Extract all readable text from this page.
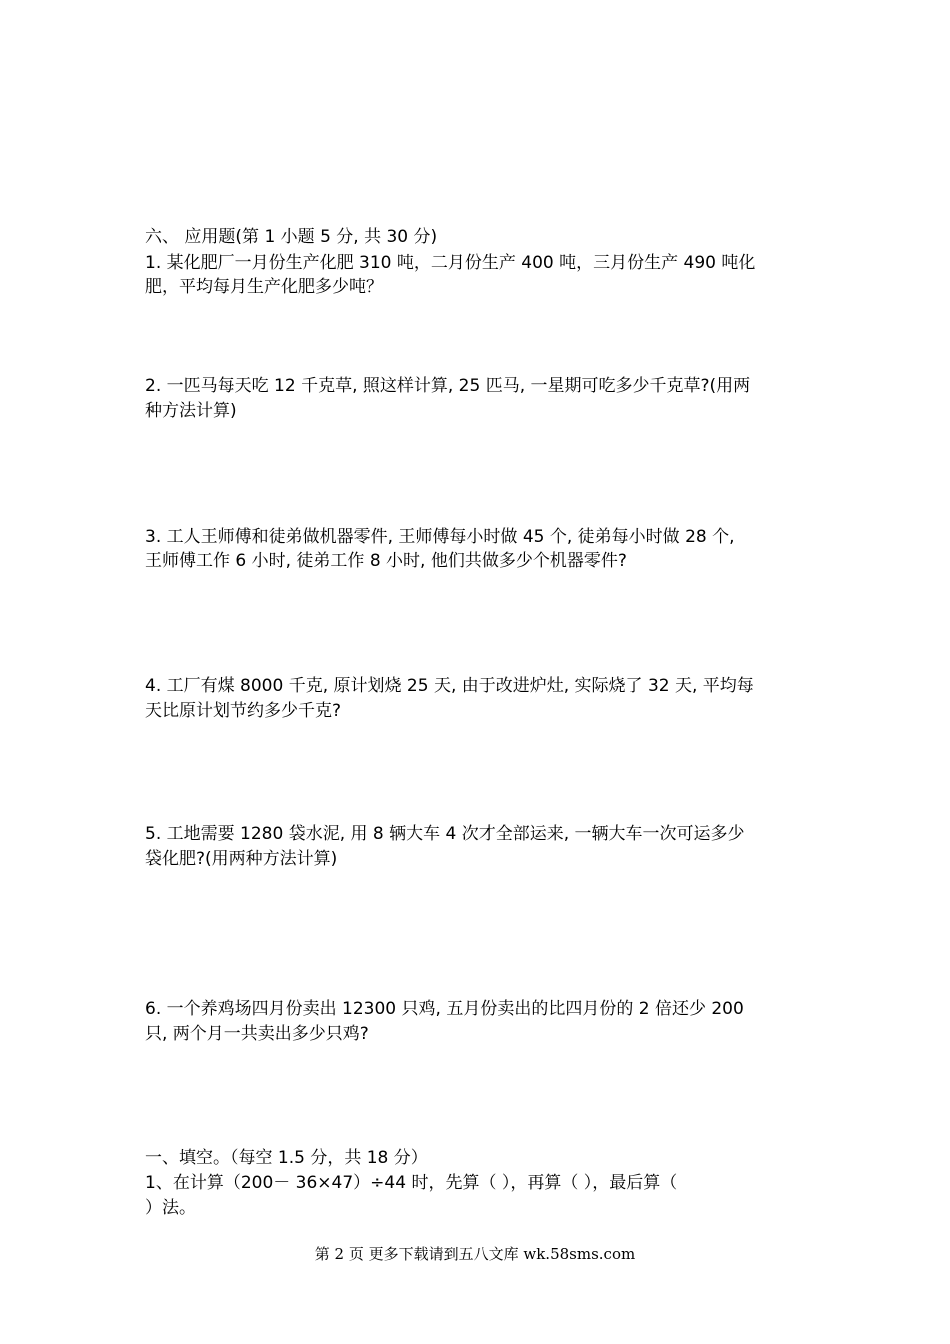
六、 应用题(第 1 小题 5 分, 共 30 分)
1. 某化肥厂一月份生产化肥 310 吨，二月份生产 400 吨，三月份生产 490 吨化
肥，平均每月生产化肥多少吨？
2. 一匹马每天吃 12 千克草, 照这样计算, 25 匹马, 一星期可吃多少千克草?(用两
种方法计算)
3. 工人王师傅和徒弟做机器零件, 王师傅每小时做 45 个, 徒弟每小时做 28 个,
王师傅工作 6 小时, 徒弟工作 8 小时, 他们共做多少个机器零件?
4. 工厂有煤 8000 千克, 原计划烧 25 天, 由于改进炉灶, 实际烧了 32 天, 平均每
天比原计划节约多少千克?
5. 工地需要 1280 袋水泥, 用 8 辆大车 4 次才全部运来, 一辆大车一次可运多少
袋化肥?(用两种方法计算)
6. 一个养鸡场四月份卖出 12300 只鸡, 五月份卖出的比四月份的 2 倍还少 200
只, 两个月一共卖出多少只鸡?
一、填空。（每空 1.5 分，共 18 分）
1、在计算（200－ 36×47）÷44 时，先算（ ），再算（ ），最后算（
）法。
第 2 页 更多下载请到五八文库 wk.58sms.com
